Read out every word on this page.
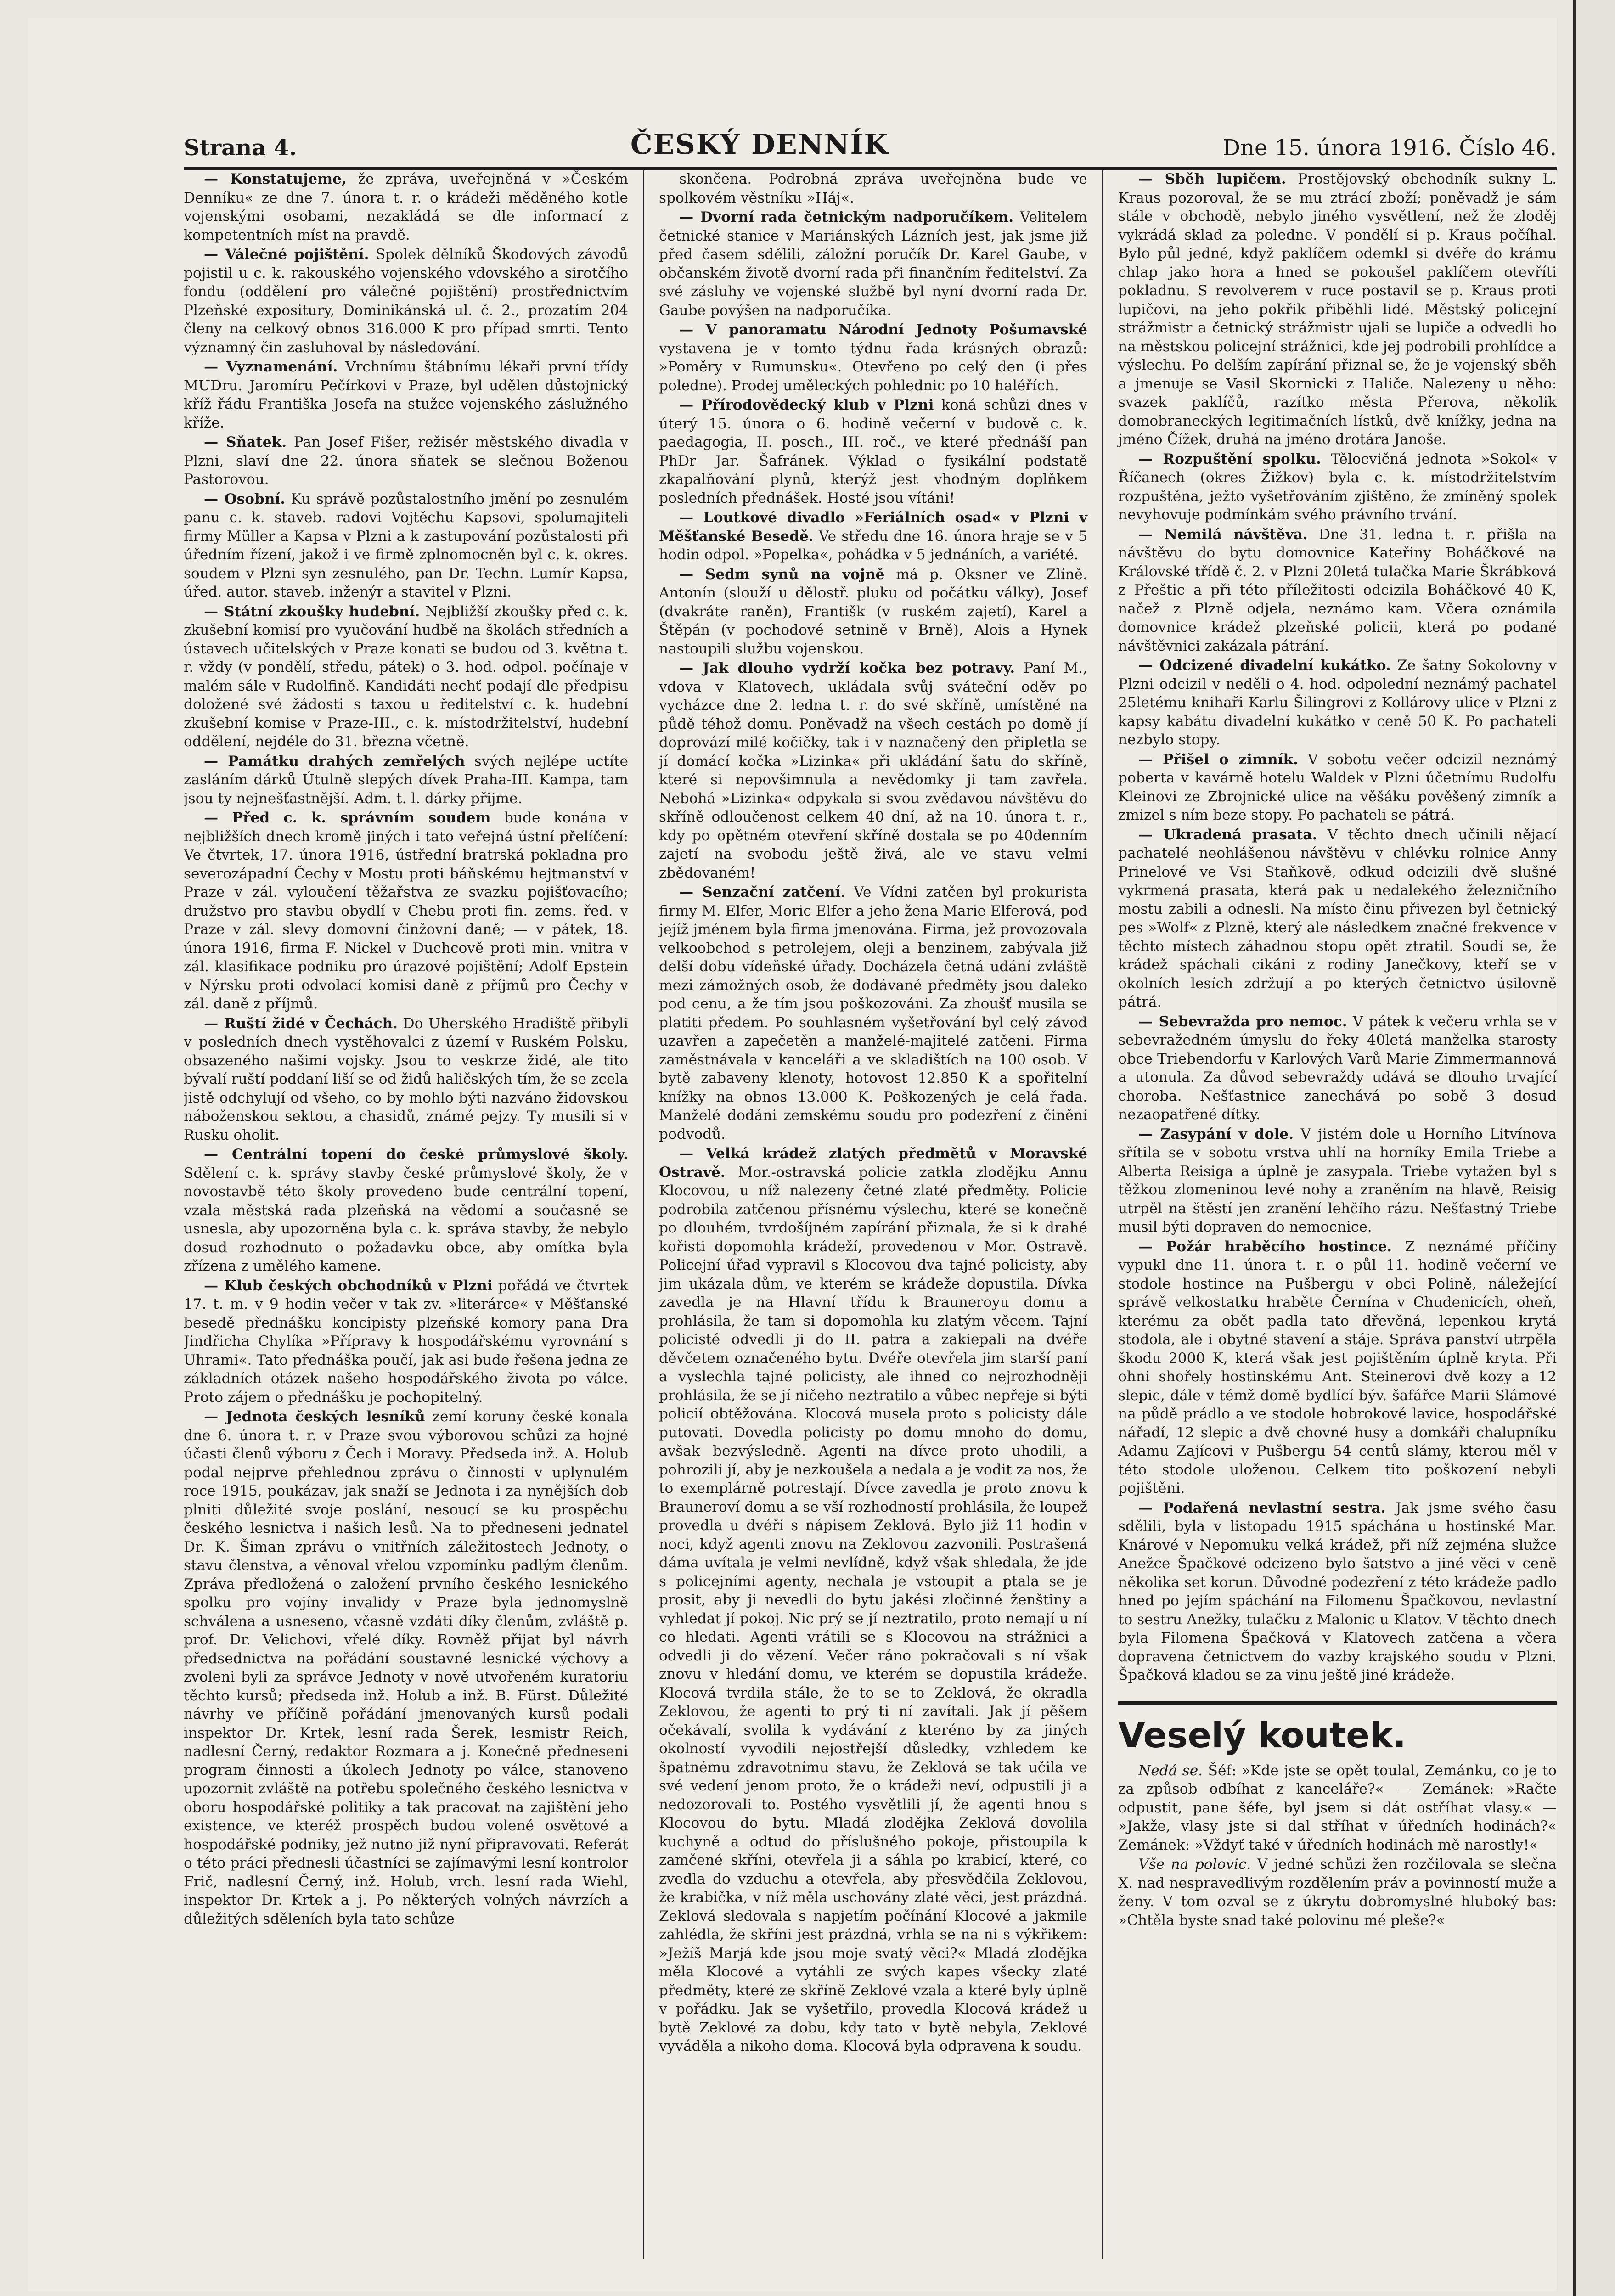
Strana 4.	ČESKÝ DENNÍK	Dne 15. února 1916. Číslo 46.

— Konstatujeme, že zpráva, uveřejněná v »Českém Denníku« ze dne 7. února t. r. o krádeži měděného kotle vojenskými osobami, nezakládá se dle informací z kompetentních míst na pravdě.

— Válečné pojištění. Spolek dělníků Škodových závodů pojistil u c. k. rakouského vojenského vdovského a sirotčího fondu (oddělení pro válečné pojištění) prostřednictvím Plzeňské expositury, Dominikánská ul. č. 2., prozatím 204 členy na celkový obnos 316.000 K pro případ smrti. Tento významný čin zasluhoval by následování.

— Vyznamenání. Vrchnímu štábnímu lékaři první třídy MUDru. Jaromíru Pečírkovi v Praze, byl udělen důstojnický kříž řádu Františka Josefa na stužce vojenského záslužného kříže.

— Sňatek. Pan Josef Fišer, režisér městského divadla v Plzni, slaví dne 22. února sňatek se slečnou Boženou Pastorovou.

— Osobní. Ku správě pozůstalostního jmění po zesnulém panu c. k. staveb. radovi Vojtěchu Kapsovi, spolumajiteli firmy Müller a Kapsa v Plzni a k zastupování pozůstalosti při úředním řízení, jakož i ve firmě zplnomocněn byl c. k. okres. soudem v Plzni syn zesnulého, pan Dr. Techn. Lumír Kapsa, úřed. autor. staveb. inženýr a stavitel v Plzni.

— Státní zkoušky hudební. Nejbližší zkoušky před c. k. zkušební komisí pro vyučování hudbě na školách středních a ústavech učitelských v Praze konati se budou od 3. května t. r. vždy (v pondělí, středu, pátek) o 3. hod. odpol. počínaje v malém sále v Rudolfině. Kandidáti nechť podají dle předpisu doložené své žádosti s taxou u ředitelství c. k. hudební zkušební komise v Praze-III., c. k. místodržitelství, hudební oddělení, nejdéle do 31. března včetně.

— Památku drahých zemřelých svých nejlépe uctíte zasláním dárků Útulně slepých dívek Praha-III. Kampa, tam jsou ty nejnešťastnější. Adm. t. l. dárky přijme.

— Před c. k. správním soudem bude konána v nejbližších dnech kromě jiných i tato veřejná ústní přelíčení: Ve čtvrtek, 17. února 1916, ústřední bratrská pokladna pro severozápadní Čechy v Mostu proti báňskému hejtmanství v Praze v zál. vyloučení těžařstva ze svazku pojišťovacího; družstvo pro stavbu obydlí v Chebu proti fin. zems. řed. v Praze v zál. slevy domovní činžovní daně; — v pátek, 18. února 1916, firma F. Nickel v Duchcově proti min. vnitra v zál. klasifikace podniku pro úrazové pojištění; Adolf Epstein v Nýrsku proti odvolací komisi daně z příjmů pro Čechy v zál. daně z příjmů.

— Ruští židé v Čechách. Do Uherského Hradiště přibyli v posledních dnech vystěhovalci z území v Ruském Polsku, obsazeného našimi vojsky. Jsou to veskrze židé, ale tito bývalí ruští poddaní liší se od židů haličských tím, že se zcela jistě odchylují od všeho, co by mohlo býti nazváno židovskou náboženskou sektou, a chasidů, známé pejzy. Ty musili si v Rusku oholit.

— Centrální topení do české průmyslové školy. Sdělení c. k. správy stavby české průmyslové školy, že v novostavbě této školy provedeno bude centrální topení, vzala městská rada plzeňská na vědomí a současně se usnesla, aby upozorněna byla c. k. správa stavby, že nebylo dosud rozhodnuto o požadavku obce, aby omítka byla zřízena z umělého kamene.

— Klub českých obchodníků v Plzni pořádá ve čtvrtek 17. t. m. v 9 hodin večer v tak zv. »literárce« v Měšťanské besedě přednášku koncipisty plzeňské komory pana Dra Jindřicha Chylíka »Přípravy k hospodářskému vyrovnání s Uhrami«. Tato přednáška poučí, jak asi bude řešena jedna ze základních otázek našeho hospodářského života po válce. Proto zájem o přednášku je pochopitelný.

— Jednota českých lesníků zemí koruny české konala dne 6. února t. r. v Praze svou výborovou schůzi za hojné účasti členů výboru z Čech i Moravy. Předseda inž. A. Holub podal nejprve přehlednou zprávu o činnosti v uplynulém roce 1915, poukázav, jak snaží se Jednota i za nynějších dob plniti důležité svoje poslání, nesoucí se ku prospěchu českého lesnictva i našich lesů. Na to předneseni jednatel Dr. K. Šiman zprávu o vnitřních záležitostech Jednoty, o stavu členstva, a věnoval vřelou vzpomínku padlým členům. Zpráva předložená o založení prvního českého lesnického spolku pro vojíny invalidy v Praze byla jednomyslně schválena a usneseno, včasně vzdáti díky členům, zvláště p. prof. Dr. Velichovi, vřelé díky. Rovněž přijat byl návrh předsednictva na pořádání soustavné lesnické výchovy a zvoleni byli za správce Jednoty v nově utvořeném kuratoriu těchto kursů; předseda inž. Holub a inž. B. Fürst. Důležité návrhy ve příčině pořádání jmenovaných kursů podali inspektor Dr. Krtek, lesní rada Šerek, lesmistr Reich, nadlesní Černý, redaktor Rozmara a j. Konečně předneseni program činnosti a úkolech Jednoty po válce, stanoveno upozornit zvláště na potřebu společného českého lesnictva v oboru hospodářské politiky a tak pracovat na zajištění jeho existence, ve kteréž prospěch budou volené osvětové a hospodářské podniky, jež nutno již nyní připravovati. Referát o této práci přednesli účastníci se zajímavými lesní kontrolor Frič, nadlesní Černý, inž. Holub, vrch. lesní rada Wiehl, inspektor Dr. Krtek a j. Po některých volných návrzích a důležitých sděleních byla tato schůze

skončena. Podrobná zpráva uveřejněna bude ve spolkovém věstníku »Háj«.

— Dvorní rada četnickým nadporučíkem. Velitelem četnické stanice v Mariánských Lázních jest, jak jsme již před časem sdělili, záložní poručík Dr. Karel Gaube, v občanském životě dvorní rada při finančním ředitelství. Za své zásluhy ve vojenské službě byl nyní dvorní rada Dr. Gaube povýšen na nadporučíka.

— V panoramatu Národní Jednoty Pošumavské vystavena je v tomto týdnu řada krásných obrazů: »Poměry v Rumunsku«. Otevřeno po celý den (i přes poledne). Prodej uměleckých pohlednic po 10 haléřích.

— Přírodovědecký klub v Plzni koná schůzi dnes v úterý 15. února o 6. hodině večerní v budově c. k. paedagogia, II. posch., III. roč., ve které přednáší pan PhDr Jar. Šafránek. Výklad o fysikální podstatě zkapalňování plynů, kterýž jest vhodným doplňkem posledních přednášek. Hosté jsou vítáni!

— Loutkové divadlo »Feriálních osad« v Plzni v Měšťanské Besedě. Ve středu dne 16. února hraje se v 5 hodin odpol. »Popelka«, pohádka v 5 jednáních, a variété.

— Sedm synů na vojně má p. Oksner ve Zlíně. Antonín (slouží u dělostř. pluku od počátku války), Josef (dvakráte raněn), Františk (v ruském zajetí), Karel a Štěpán (v pochodové setnině v Brně), Alois a Hynek nastoupili službu vojenskou.

— Jak dlouho vydrží kočka bez potravy. Paní M., vdova v Klatovech, ukládala svůj sváteční oděv po vycházce dne 2. ledna t. r. do své skříně, umístěné na půdě téhož domu. Poněvadž na všech cestách po domě jí doprovází milé kočičky, tak i v naznačený den připletla se jí domácí kočka »Lizinka« při ukládání šatu do skříně, které si nepovšimnula a nevědomky ji tam zavřela. Nebohá »Lizinka« odpykala si svou zvědavou návštěvu do skříně odloučenost celkem 40 dní, až na 10. února t. r., kdy po opětném otevření skříně dostala se po 40denním zajetí na svobodu ještě živá, ale ve stavu velmi zbědovaném!

— Senzační zatčení. Ve Vídni zatčen byl prokurista firmy M. Elfer, Moric Elfer a jeho žena Marie Elferová, pod jejíž jménem byla firma jmenována. Firma, jež provozovala velkoobchod s petrolejem, oleji a benzinem, zabývala již delší dobu vídeňské úřady. Docházela četná udání zvláště mezi zámožných osob, že dodávané předměty jsou daleko pod cenu, a že tím jsou poškozováni. Za zhoušť musila se platiti předem. Po souhlasném vyšetřování byl celý závod uzavřen a zapečetěn a manželé-majitelé zatčeni. Firma zaměstnávala v kanceláři a ve skladištích na 100 osob. V bytě zabaveny klenoty, hotovost 12.850 K a spořitelní knížky na obnos 13.000 K. Poškozených je celá řada. Manželé dodáni zemskému soudu pro podezření z činění podvodů.

— Velká krádež zlatých předmětů v Moravské Ostravě. Mor.-ostravská policie zatkla zlodějku Annu Klocovou, u níž nalezeny četné zlaté předměty. Policie podrobila zatčenou přísnému výslechu, které se konečně po dlouhém, tvrdošíjném zapírání přiznala, že si k drahé kořisti dopomohla krádeží, provedenou v Mor. Ostravě. Policejní úřad vypravil s Klocovou dva tajné policisty, aby jim ukázala dům, ve kterém se krádeže dopustila. Dívka zavedla je na Hlavní třídu k Brauneroyu domu a prohlásila, že tam si dopomohla ku zlatým věcem. Tajní policisté odvedli ji do II. patra a zakiepali na dvéře děvčetem označeného bytu. Dvéře otevřela jim starší paní a vyslechla tajné policisty, ale ihned co nejrozhodněji prohlásila, že se jí ničeho neztratilo a vůbec nepřeje si býti policií obtěžována. Klocová musela proto s policisty dále putovati. Dovedla policisty po domu mnoho do domu, avšak bezvýsledně. Agenti na dívce proto uhodili, a pohrozili jí, aby je nezkoušela a nedala a je vodit za nos, že to exemplárně potrestají. Dívce zavedla je proto znovu k Brauneroví domu a se vší rozhodností prohlásila, že loupež provedla u dvéří s nápisem Zeklová. Bylo již 11 hodin v noci, když agenti znovu na Zeklovou zazvonili. Postrašená dáma uvítala je velmi nevlídně, když však shledala, že jde s policejními agenty, nechala je vstoupit a ptala se je prosit, aby ji nevedli do bytu jakési zločinné ženštiny a vyhledat jí pokoj. Nic prý se jí neztratilo, proto nemají u ní co hledati. Agenti vrátili se s Klocovou na strážnici a odvedli ji do vězení. Večer ráno pokračovali s ní však znovu v hledání domu, ve kterém se dopustila krádeže. Klocová tvrdila stále, že to se to Zeklová, že okradla Zeklovou, že agenti to prý ti ní zavítali. Jak jí pěšem očekávalí, svolila k vydávání z kteréno by za jiných okolností vyvodili nejostřejší důsledky, vzhledem ke špatnému zdravotnímu stavu, že Zeklová se tak učila ve své vedení jenom proto, že o krádeži neví, odpustili ji a nedozorovali to. Postého vysvětlili jí, že agenti hnou s Klocovou do bytu. Mladá zlodějka Zeklová dovolila kuchyně a odtud do příslušného pokoje, přistoupila k zamčené skříni, otevřela ji a sáhla po krabicí, které, co zvedla do vzduchu a otevřela, aby přesvědčila Zeklovou, že krabička, v níž měla uschovány zlaté věci, jest prázdná. Zeklová sledovala s napjetím počínání Klocové a jakmile zahlédla, že skříni jest prázdná, vrhla se na ni s výkřikem: »Ježíš Marjá kde jsou moje svatý věci?« Mladá zlodějka měla Klocové a vytáhli ze svých kapes všecky zlaté předměty, které ze skříně Zeklové vzala a které byly úplně v pořádku. Jak se vyšetřilo, provedla Klocová krádež u bytě Zeklové za dobu, kdy tato v bytě nebyla, Zeklové vyváděla a nikoho doma. Klocová byla odpravena k soudu.

— Sběh lupičem. Prostějovský obchodník sukny L. Kraus pozoroval, že se mu ztrácí zboží; poněvadž je sám stále v obchodě, nebylo jiného vysvětlení, než že zloděj vykrádá sklad za poledne. V pondělí si p. Kraus počíhal. Bylo půl jedné, když paklíčem odemkl si dvéře do krámu chlap jako hora a hned se pokoušel paklíčem otevříti pokladnu. S revolverem v ruce postavil se p. Kraus proti lupičovi, na jeho pokřik přiběhli lidé. Městský policejní strážmistr a četnický strážmistr ujali se lupiče a odvedli ho na městskou policejní strážnici, kde jej podrobili prohlídce a výslechu. Po delším zapírání přiznal se, že je vojenský sběh a jmenuje se Vasil Skornicki z Haliče. Nalezeny u něho: svazek paklíčů, razítko města Přerova, několik domobraneckých legitimačních lístků, dvě knížky, jedna na jméno Čížek, druhá na jméno drotára Janoše.

— Rozpuštění spolku. Tělocvičná jednota »Sokol« v Říčanech (okres Žižkov) byla c. k. místodržitelstvím rozpuštěna, ježto vyšetřováním zjištěno, že zmíněný spolek nevyhovuje podmínkám svého právního trvání.

— Nemilá návštěva. Dne 31. ledna t. r. přišla na návštěvu do bytu domovnice Kateřiny Boháčkové na Královské třídě č. 2. v Plzni 20letá tulačka Marie Škrábková z Přeštic a při této příležitosti odcizila Boháčkové 40 K, načež z Plzně odjela, neznámo kam. Včera oznámila domovnice krádež plzeňské policii, která po podané návštěvnici zakázala pátrání.

— Odcizené divadelní kukátko. Ze šatny Sokolovny v Plzni odcizil v neděli o 4. hod. odpolední neznámý pachatel 25letému knihaři Karlu Šilingrovi z Kollárovy ulice v Plzni z kapsy kabátu divadelní kukátko v ceně 50 K. Po pachateli nezbylo stopy.

— Přišel o zimník. V sobotu večer odcizil neznámý poberta v kavárně hotelu Waldek v Plzni účetnímu Rudolfu Kleinovi ze Zbrojnické ulice na věšáku pověšený zimník a zmizel s ním beze stopy. Po pachateli se pátrá.

— Ukradená prasata. V těchto dnech učinili nějací pachatelé neohlášenou návštěvu v chlévku rolnice Anny Prinelové ve Vsi Staňkově, odkud odcizili dvě slušné vykrmená prasata, která pak u nedalekého železničního mostu zabili a odnesli. Na místo činu přivezen byl četnický pes »Wolf« z Plzně, který ale následkem značné frekvence v těchto místech záhadnou stopu opět ztratil. Soudí se, že krádež spáchali cikáni z rodiny Janečkovy, kteří se v okolních lesích zdržují a po kterých četnictvo úsilovně pátrá.

— Sebevražda pro nemoc. V pátek k večeru vrhla se v sebevražedném úmyslu do řeky 40letá manželka starosty obce Triebendorfu v Karlových Varů Marie Zimmermannová a utonula. Za důvod sebevraždy udává se dlouho trvající choroba. Nešťastnice zanechává po sobě 3 dosud nezaopatřené dítky.

— Zasypání v dole. V jistém dole u Horního Litvínova sřítila se v sobotu vrstva uhlí na horníky Emila Triebe a Alberta Reisiga a úplně je zasypala. Triebe vytažen byl s těžkou zlomeninou levé nohy a zraněním na hlavě, Reisig utrpěl na štěstí jen zranění lehčího rázu. Nešťastný Triebe musil býti dopraven do nemocnice.

— Požár hraběcího hostince. Z neznámé příčiny vypukl dne 11. února t. r. o půl 11. hodině večerní ve stodole hostince na Pušbergu v obci Polině, náležející správě velkostatku hraběte Černína v Chudenicích, oheň, kterému za obět padla tato dřevěná, lepenkou krytá stodola, ale i obytné stavení a stáje. Správa panství utrpěla škodu 2000 K, která však jest pojištěním úplně kryta. Při ohni shořely hostinskému Ant. Steinerovi dvě kozy a 12 slepic, dále v témž domě bydlící býv. šafářce Marii Slámové na půdě prádlo a ve stodole hobrokové lavice, hospodářské nářadí, 12 slepic a dvě chovné husy a domkáři chalupníku Adamu Zajícovi v Pušbergu 54 centů slámy, kterou měl v této stodole uloženou. Celkem tito poškození nebyli pojištěni.

— Podařená nevlastní sestra. Jak jsme svého času sdělili, byla v listopadu 1915 spáchána u hostinské Mar. Knárové v Nepomuku velká krádež, při níž zejména služce Anežce Špačkové odcizeno bylo šatstvo a jiné věci v ceně několika set korun. Důvodné podezření z této krádeže padlo hned po jejím spáchání na Filomenu Špačkovou, nevlastní to sestru Anežky, tulačku z Malonic u Klatov. V těchto dnech byla Filomena Špačková v Klatovech zatčena a včera dopravena četnictvem do vazby krajského soudu v Plzni. Špačková kladou se za vinu ještě jiné krádeže.

Veselý koutek.

Nedá se. Šéf: »Kde jste se opět toulal, Zemánku, co je to za způsob odbíhat z kanceláře?« — Zemánek: »Račte odpustit, pane šéfe, byl jsem si dát ostříhat vlasy.« — »Jakže, vlasy jste si dal stříhat v úředních hodinách?« Zemánek: »Vždyť také v úředních hodinách mě narostly!«

Vše na polovic. V jedné schůzi žen rozčilovala se slečna X. nad nespravedlivým rozdělením práv a povinností muže a ženy. V tom ozval se z úkrytu dobromyslné hluboký bas: »Chtěla byste snad také polovinu mé pleše?«
